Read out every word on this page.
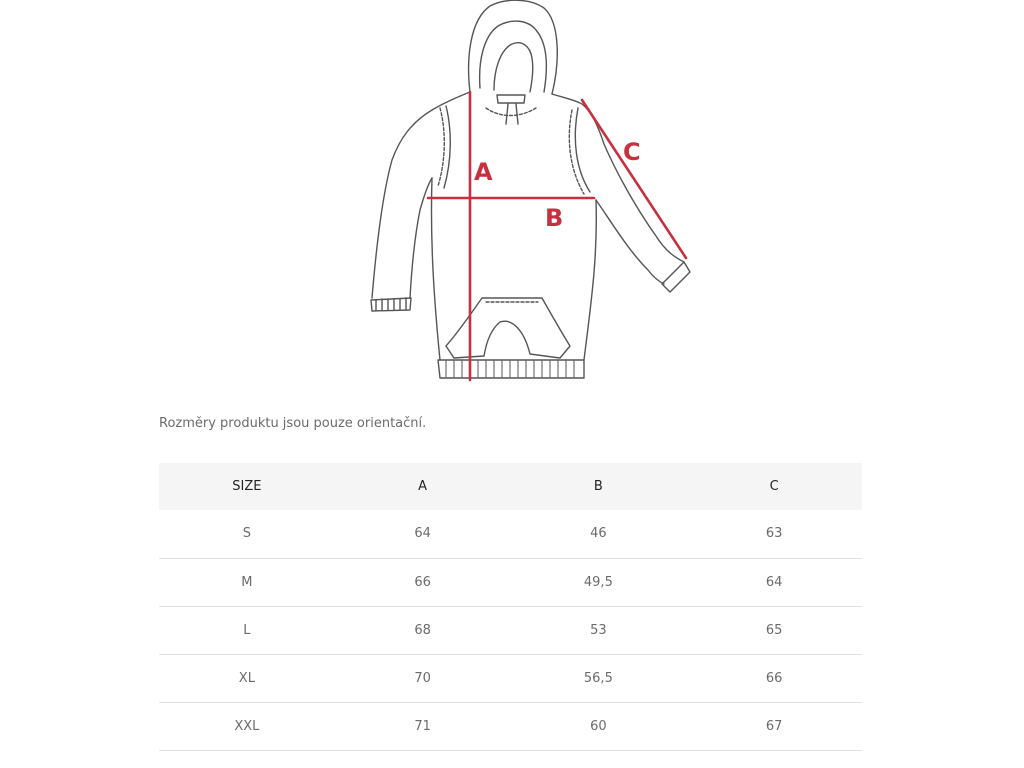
A
B
C
Rozměry produktu jsou pouze orientační.
SIZE	A	B	C
S	64	46	63
M	66	49,5	64
L	68	53	65
XL	70	56,5	66
XXL	71	60	67
